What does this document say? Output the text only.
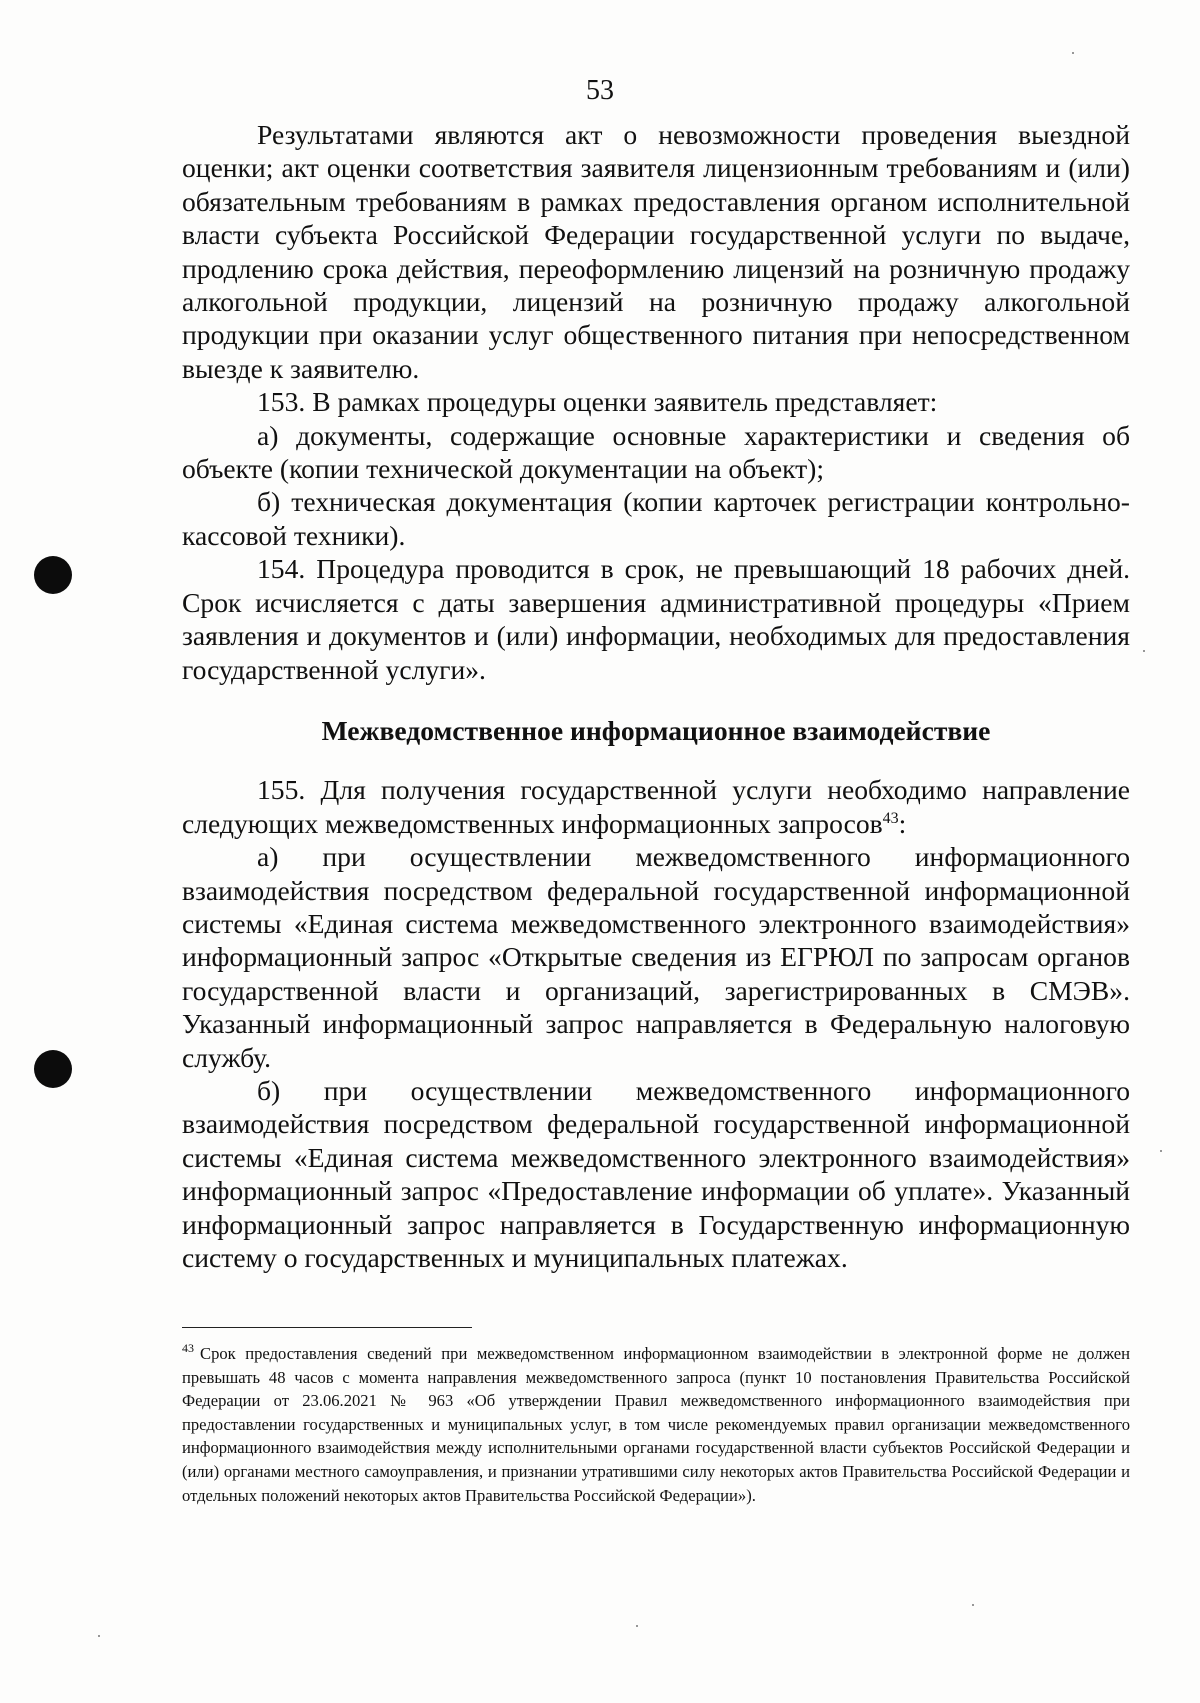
53

Результатами являются акт о невозможности проведения выездной оценки; акт оценки соответствия заявителя лицензионным требованиям и (или) обязательным требованиям в рамках предоставления органом исполнительной власти субъекта Российской Федерации государственной услуги по выдаче, продлению срока действия, переоформлению лицензий на розничную продажу алкогольной продукции, лицензий на розничную продажу алкогольной продукции при оказании услуг общественного питания при непосредственном выезде к заявителю.

153. В рамках процедуры оценки заявитель представляет:

а) документы, содержащие основные характеристики и сведения об объекте (копии технической документации на объект);

б) техническая документация (копии карточек регистрации контрольно-кассовой техники).

154. Процедура проводится в срок, не превышающий 18 рабочих дней. Срок исчисляется с даты завершения административной процедуры «Прием заявления и документов и (или) информации, необходимых для предоставления государственной услуги».

Межведомственное информационное взаимодействие

155. Для получения государственной услуги необходимо направление следующих межведомственных информационных запросов$^{43}$:

а) при осуществлении межведомственного информационного взаимодействия посредством федеральной государственной информационной системы «Единая система межведомственного электронного взаимодействия» информационный запрос «Открытые сведения из ЕГРЮЛ по запросам органов государственной власти и организаций, зарегистрированных в СМЭВ». Указанный информационный запрос направляется в Федеральную налоговую службу.

б) при осуществлении межведомственного информационного взаимодействия посредством федеральной государственной информационной системы «Единая система межведомственного электронного взаимодействия» информационный запрос «Предоставление информации об уплате». Указанный информационный запрос направляется в Государственную информационную систему о государственных и муниципальных платежах.

$^{43}$ Срок предоставления сведений при межведомственном информационном взаимодействии в электронной форме не должен превышать 48 часов с момента направления межведомственного запроса (пункт 10 постановления Правительства Российской Федерации от 23.06.2021 № 963 «Об утверждении Правил межведомственного информационного взаимодействия при предоставлении государственных и муниципальных услуг, в том числе рекомендуемых правил организации межведомственного информационного взаимодействия между исполнительными органами государственной власти субъектов Российской Федерации и (или) органами местного самоуправления, и признании утратившими силу некоторых актов Правительства Российской Федерации и отдельных положений некоторых актов Правительства Российской Федерации»).
